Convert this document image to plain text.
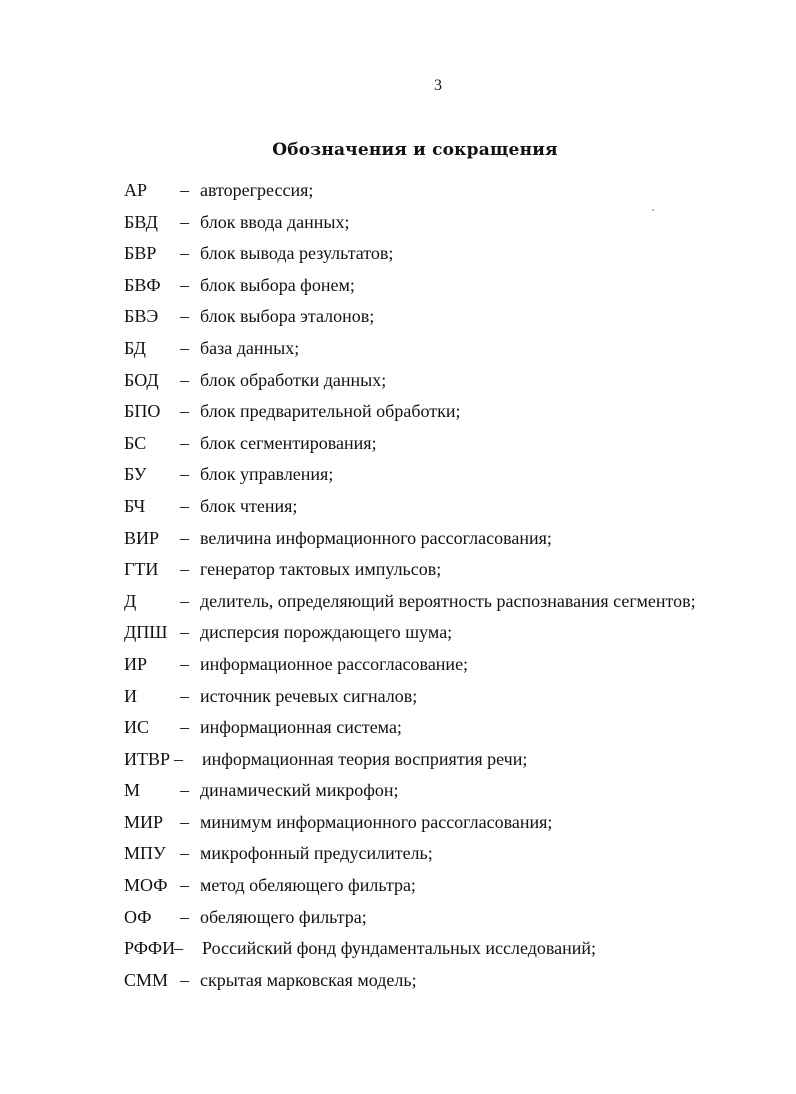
3
Обозначения и сокращения
АР – авторегрессия;
БВД – блок ввода данных;
БВР – блок вывода результатов;
БВФ – блок выбора фонем;
БВЭ – блок выбора эталонов;
БД – база данных;
БОД – блок обработки данных;
БПО – блок предварительной обработки;
БС – блок сегментирования;
БУ – блок управления;
БЧ – блок чтения;
ВИР – величина информационного рассогласования;
ГТИ – генератор тактовых импульсов;
Д – делитель, определяющий вероятность распознавания сегментов;
ДПШ – дисперсия порождающего шума;
ИР – информационное рассогласование;
И – источник речевых сигналов;
ИС – информационная система;
ИТВР – информационная теория восприятия речи;
М – динамический микрофон;
МИР – минимум информационного рассогласования;
МПУ – микрофонный предусилитель;
МОФ – метод обеляющего фильтра;
ОФ – обеляющего фильтра;
РФФИ
– Российский фонд фундаментальных исследований;
СММ – скрытая марковская модель;
